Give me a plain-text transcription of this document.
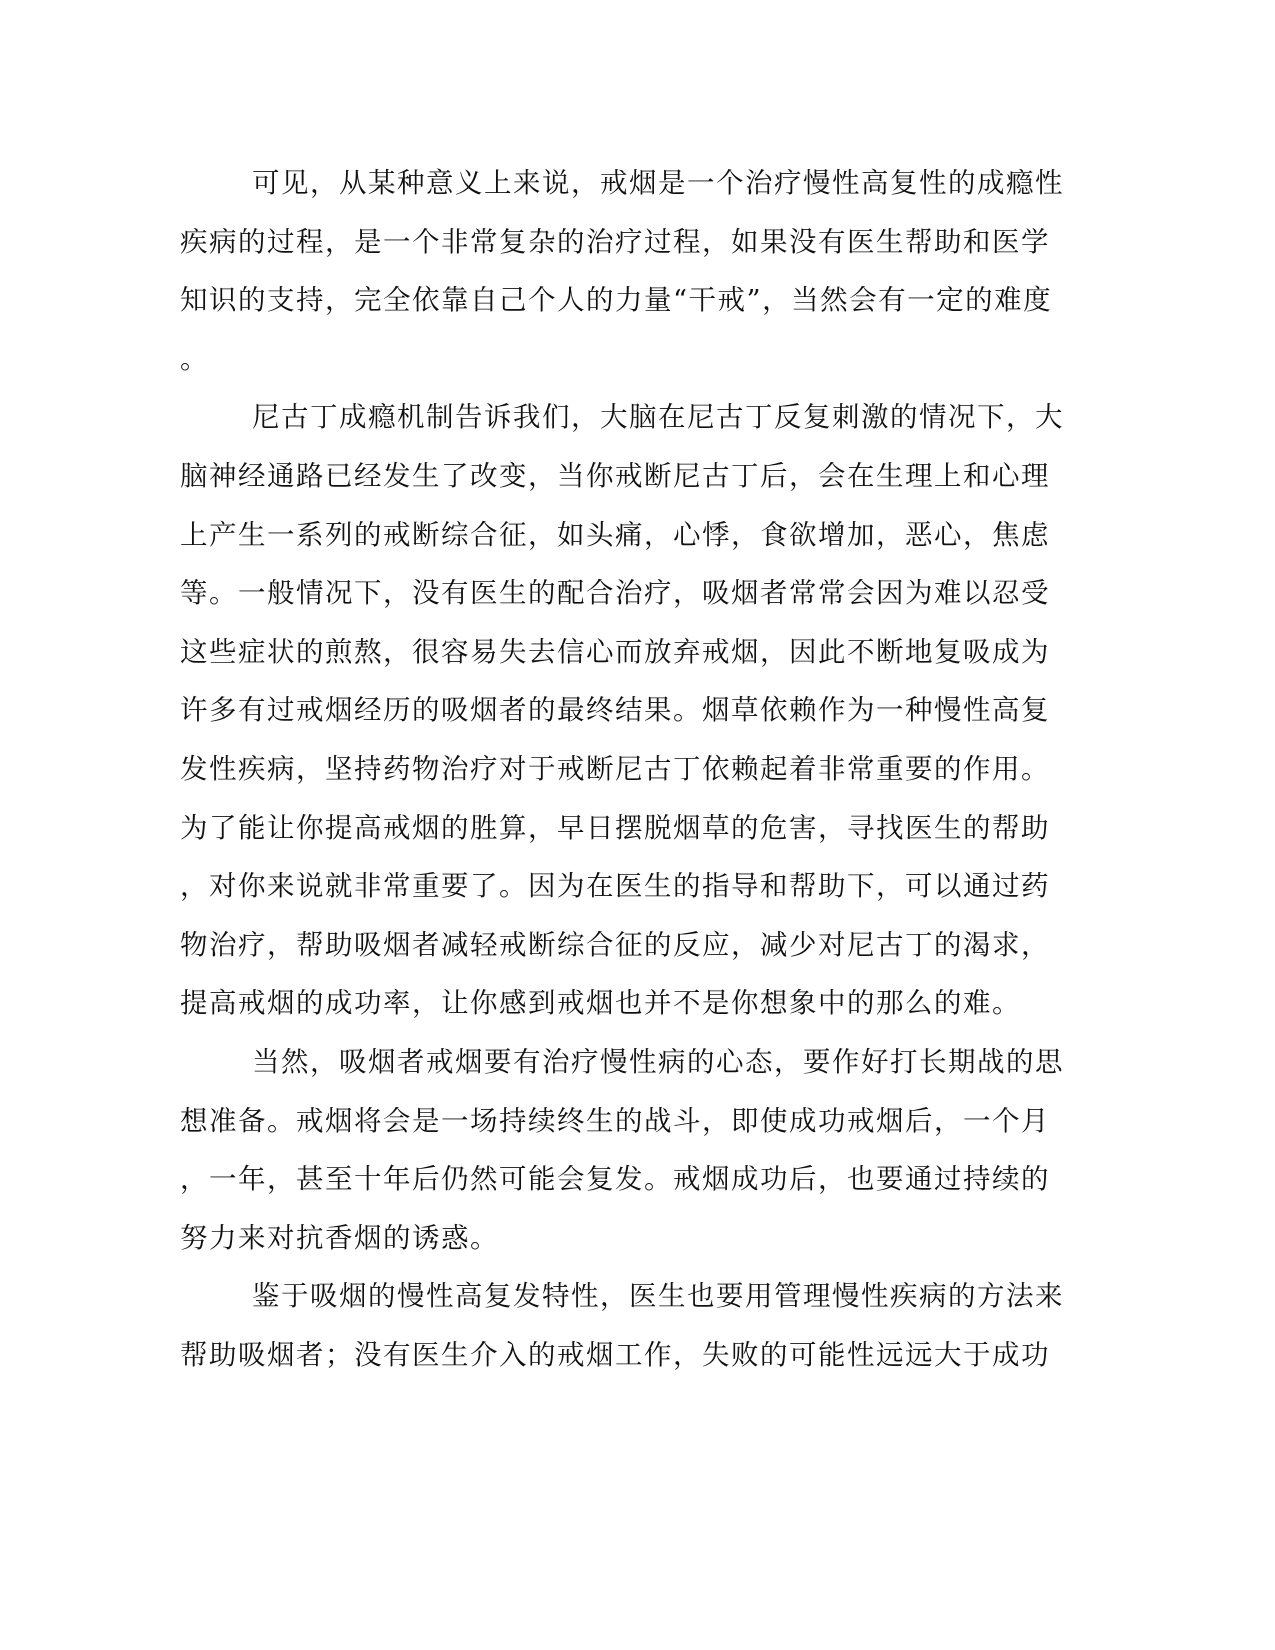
可见，从某种意义上来说，戒烟是一个治疗慢性高复性的成瘾性
疾病的过程，是一个非常复杂的治疗过程，如果没有医生帮助和医学
知识的支持，完全依靠自己个人的力量“干戒”，当然会有一定的难度
。
尼古丁成瘾机制告诉我们，大脑在尼古丁反复刺激的情况下，大
脑神经通路已经发生了改变，当你戒断尼古丁后，会在生理上和心理
上产生一系列的戒断综合征，如头痛，心悸，食欲增加，恶心，焦虑
等。一般情况下，没有医生的配合治疗，吸烟者常常会因为难以忍受
这些症状的煎熬，很容易失去信心而放弃戒烟，因此不断地复吸成为
许多有过戒烟经历的吸烟者的最终结果。烟草依赖作为一种慢性高复
发性疾病，坚持药物治疗对于戒断尼古丁依赖起着非常重要的作用。
为了能让你提高戒烟的胜算，早日摆脱烟草的危害，寻找医生的帮助
，对你来说就非常重要了。因为在医生的指导和帮助下，可以通过药
物治疗，帮助吸烟者减轻戒断综合征的反应，减少对尼古丁的渴求，
提高戒烟的成功率，让你感到戒烟也并不是你想象中的那么的难。
当然，吸烟者戒烟要有治疗慢性病的心态，要作好打长期战的思
想准备。戒烟将会是一场持续终生的战斗，即使成功戒烟后，一个月
，一年，甚至十年后仍然可能会复发。戒烟成功后，也要通过持续的
努力来对抗香烟的诱惑。
鉴于吸烟的慢性高复发特性，医生也要用管理慢性疾病的方法来
帮助吸烟者；没有医生介入的戒烟工作，失败的可能性远远大于成功
